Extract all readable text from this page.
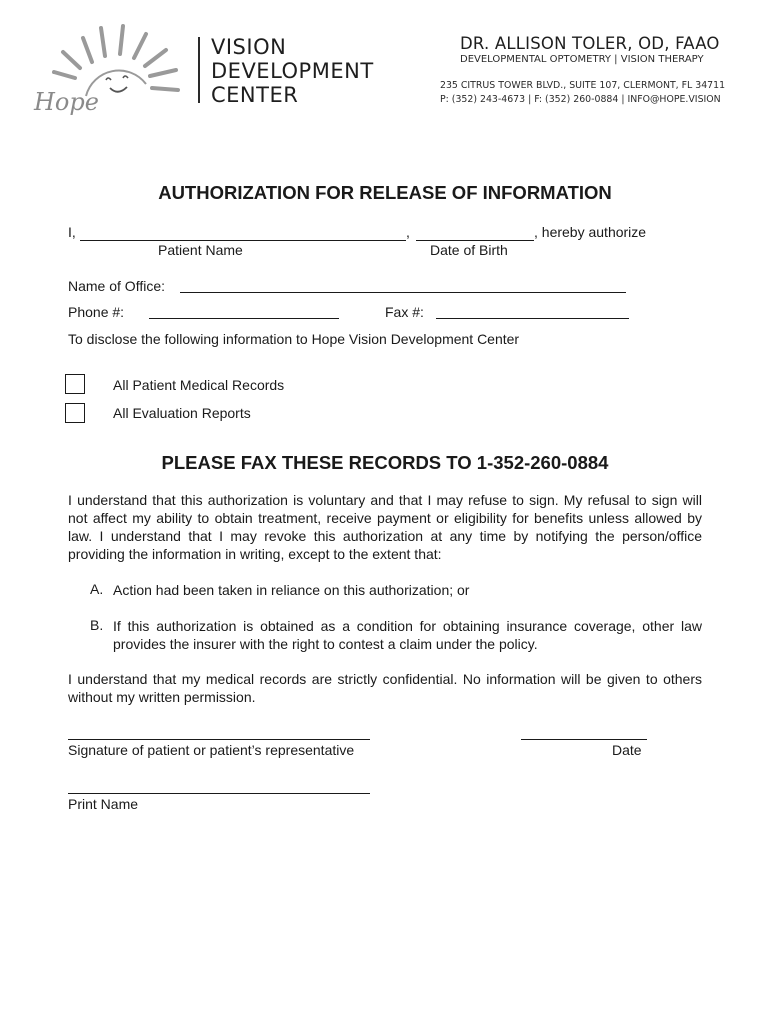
Hope
VISION
DEVELOPMENT
CENTER
DR. ALLISON TOLER, OD, FAAO
DEVELOPMENTAL OPTOMETRY | VISION THERAPY
235 CITRUS TOWER BLVD., SUITE 107, CLERMONT, FL 34711
P: (352) 243-4673 | F: (352) 260-0884 | INFO@HOPE.VISION
AUTHORIZATION FOR RELEASE OF INFORMATION
I,	,	, hereby authorize
Patient Name	Date of Birth
Name of Office:
Phone #:	Fax #:
To disclose the following information to Hope Vision Development Center
All Patient Medical Records
All Evaluation Reports
PLEASE FAX THESE RECORDS TO 1-352-260-0884
I understand that this authorization is voluntary and that I may refuse to sign. My refusal to sign will not affect my ability to obtain treatment, receive payment or eligibility for benefits unless allowed by law. I understand that I may revoke this authorization at any time by notifying the person/office providing the information in writing, except to the extent that:
A. Action had been taken in reliance on this authorization; or
B. If this authorization is obtained as a condition for obtaining insurance coverage, other law provides the insurer with the right to contest a claim under the policy.
I understand that my medical records are strictly confidential. No information will be given to others without my written permission.
Signature of patient or patient’s representative	Date
Print Name
